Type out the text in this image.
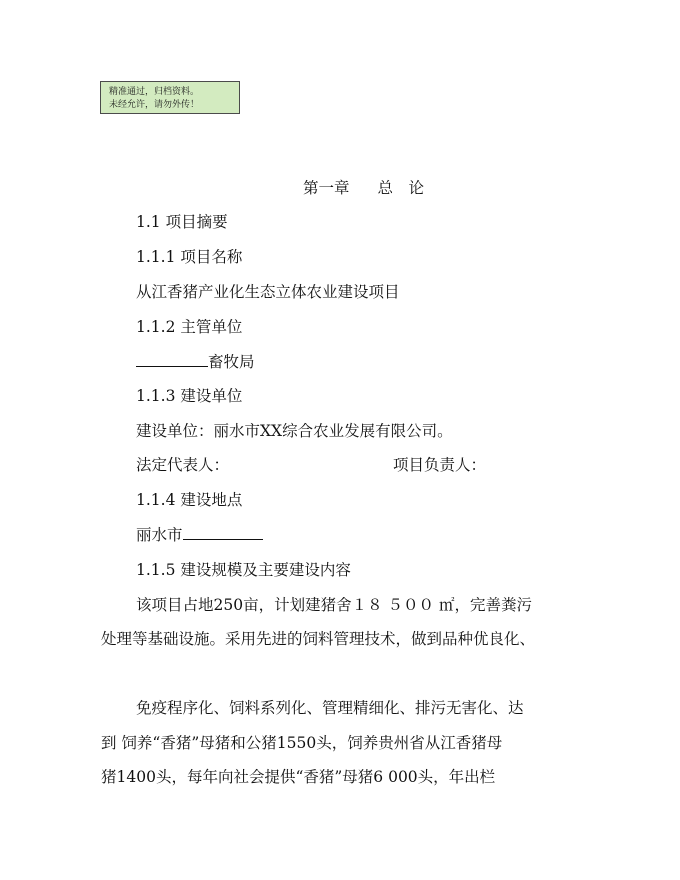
精准通过，归档资料。
未经允许，请勿外传！
第一章 总　论
1.1 项目摘要
1.1.1 项目名称
从江香猪产业化生态立体农业建设项目
1.1.2 主管单位
畜牧局
1.1.3 建设单位
建设单位：丽水市XX综合农业发展有限公司。
法定代表人：	项目负责人：
1.1.4 建设地点
丽水市
1.1.5 建设规模及主要建设内容
该项目占地250亩，计划建猪舍１８ ５００ ㎡，完善粪污
处理等基础设施。采用先进的饲料管理技术，做到品种优良化、
免疫程序化、饲料系列化、管理精细化、排污无害化、达
到 饲养“香猪”母猪和公猪1550头，饲养贵州省从江香猪母
猪1400头，每年向社会提供“香猪”母猪6 000头，年出栏
